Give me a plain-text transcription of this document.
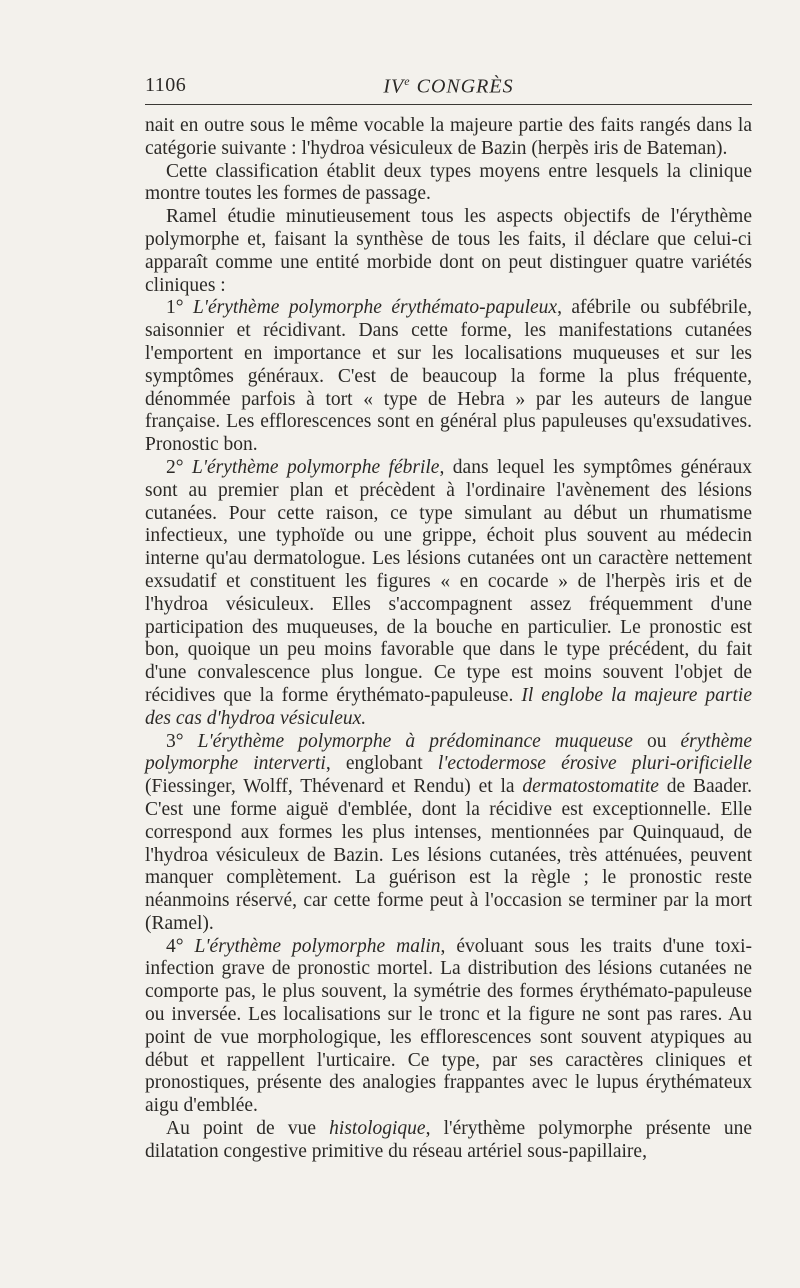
1106	IVe CONGRÈS

nait en outre sous le même vocable la majeure partie des faits rangés dans la catégorie suivante : l'hydroa vésiculeux de Bazin (herpès iris de Bateman).

Cette classification établit deux types moyens entre lesquels la clinique montre toutes les formes de passage.

Ramel étudie minutieusement tous les aspects objectifs de l'érythème polymorphe et, faisant la synthèse de tous les faits, il déclare que celui-ci apparaît comme une entité morbide dont on peut distinguer quatre variétés cliniques :

1° L'érythème polymorphe érythémato-papuleux, afébrile ou subfébrile, saisonnier et récidivant. Dans cette forme, les manifestations cutanées l'emportent en importance et sur les localisations muqueuses et sur les symptômes généraux. C'est de beaucoup la forme la plus fréquente, dénommée parfois à tort « type de Hebra » par les auteurs de langue française. Les efflorescences sont en général plus papuleuses qu'exsudatives. Pronostic bon.

2° L'érythème polymorphe fébrile, dans lequel les symptômes généraux sont au premier plan et précèdent à l'ordinaire l'avènement des lésions cutanées. Pour cette raison, ce type simulant au début un rhumatisme infectieux, une typhoïde ou une grippe, échoit plus souvent au médecin interne qu'au dermatologue. Les lésions cutanées ont un caractère nettement exsudatif et constituent les figures « en cocarde » de l'herpès iris et de l'hydroa vésiculeux. Elles s'accompagnent assez fréquemment d'une participation des muqueuses, de la bouche en particulier. Le pronostic est bon, quoique un peu moins favorable que dans le type précédent, du fait d'une convalescence plus longue. Ce type est moins souvent l'objet de récidives que la forme érythémato-papuleuse. Il englobe la majeure partie des cas d'hydroa vésiculeux.

3° L'érythème polymorphe à prédominance muqueuse ou érythème polymorphe interverti, englobant l'ectodermose érosive pluri-orificielle (Fiessinger, Wolff, Thévenard et Rendu) et la dermatostomatite de Baader. C'est une forme aiguë d'emblée, dont la récidive est exceptionnelle. Elle correspond aux formes les plus intenses, mentionnées par Quinquaud, de l'hydroa vésiculeux de Bazin. Les lésions cutanées, très atténuées, peuvent manquer complètement. La guérison est la règle ; le pronostic reste néanmoins réservé, car cette forme peut à l'occasion se terminer par la mort (Ramel).

4° L'érythème polymorphe malin, évoluant sous les traits d'une toxi-infection grave de pronostic mortel. La distribution des lésions cutanées ne comporte pas, le plus souvent, la symétrie des formes érythémato-papuleuse ou inversée. Les localisations sur le tronc et la figure ne sont pas rares. Au point de vue morphologique, les efflorescences sont souvent atypiques au début et rappellent l'urticaire. Ce type, par ses caractères cliniques et pronostiques, présente des analogies frappantes avec le lupus érythémateux aigu d'emblée.

Au point de vue histologique, l'érythème polymorphe présente une dilatation congestive primitive du réseau artériel sous-papillaire,
